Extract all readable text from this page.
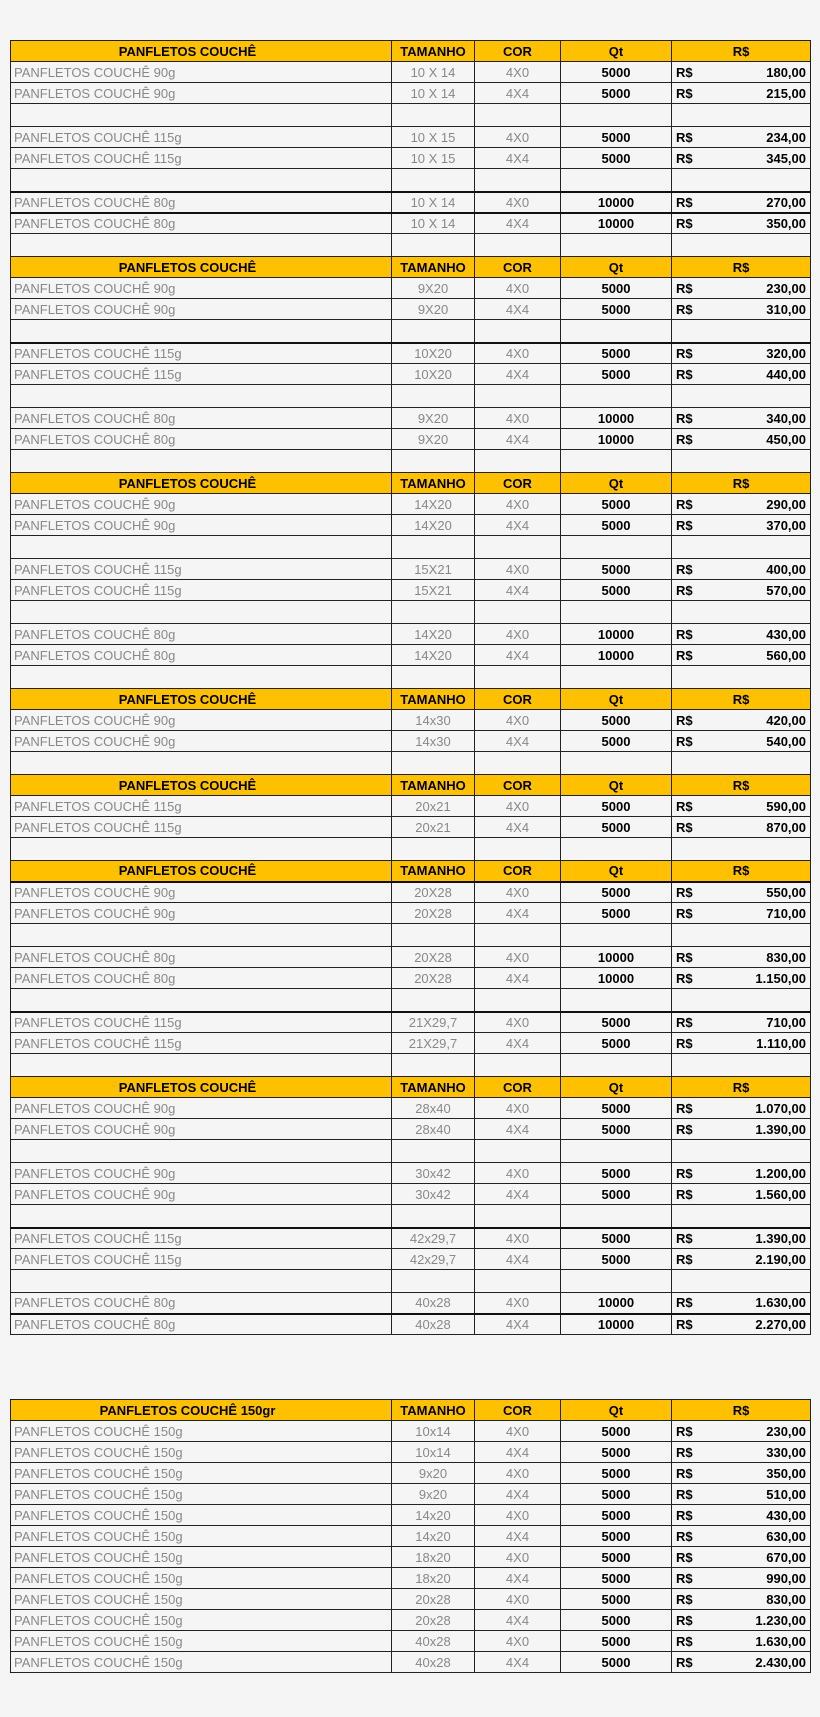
PANFLETOS COUCHÊ	TAMANHO	COR	Qt	R$
PANFLETOS COUCHÊ 90g	10 X 14	4X0	5000	R$ 180,00

PANFLETOS COUCHÊ 90g	10 X 14	4X4	5000	R$ 215,00

PANFLETOS COUCHÊ 115g	10 X 15	4X0	5000	R$ 234,00

PANFLETOS COUCHÊ 115g	10 X 15	4X4	5000	R$ 345,00

PANFLETOS COUCHÊ 80g	10 X 14	4X0	10000	R$ 270,00

PANFLETOS COUCHÊ 80g	10 X 14	4X4	10000	R$ 350,00

PANFLETOS COUCHÊ	TAMANHO	COR	Qt	R$
PANFLETOS COUCHÊ 90g	9X20	4X0	5000	R$ 230,00

PANFLETOS COUCHÊ 90g	9X20	4X4	5000	R$ 310,00

PANFLETOS COUCHÊ 115g	10X20	4X0	5000	R$ 320,00

PANFLETOS COUCHÊ 115g	10X20	4X4	5000	R$ 440,00

PANFLETOS COUCHÊ 80g	9X20	4X0	10000	R$ 340,00

PANFLETOS COUCHÊ 80g	9X20	4X4	10000	R$ 450,00

PANFLETOS COUCHÊ	TAMANHO	COR	Qt	R$
PANFLETOS COUCHÊ 90g	14X20	4X0	5000	R$ 290,00

PANFLETOS COUCHÊ 90g	14X20	4X4	5000	R$ 370,00

PANFLETOS COUCHÊ 115g	15X21	4X0	5000	R$ 400,00

PANFLETOS COUCHÊ 115g	15X21	4X4	5000	R$ 570,00

PANFLETOS COUCHÊ 80g	14X20	4X0	10000	R$ 430,00

PANFLETOS COUCHÊ 80g	14X20	4X4	10000	R$ 560,00

PANFLETOS COUCHÊ	TAMANHO	COR	Qt	R$
PANFLETOS COUCHÊ 90g	14x30	4X0	5000	R$ 420,00

PANFLETOS COUCHÊ 90g	14x30	4X4	5000	R$ 540,00

PANFLETOS COUCHÊ	TAMANHO	COR	Qt	R$
PANFLETOS COUCHÊ 115g	20x21	4X0	5000	R$ 590,00

PANFLETOS COUCHÊ 115g	20x21	4X4	5000	R$ 870,00

PANFLETOS COUCHÊ	TAMANHO	COR	Qt	R$
PANFLETOS COUCHÊ 90g	20X28	4X0	5000	R$ 550,00

PANFLETOS COUCHÊ 90g	20X28	4X4	5000	R$ 710,00

PANFLETOS COUCHÊ 80g	20X28	4X0	10000	R$ 830,00

PANFLETOS COUCHÊ 80g	20X28	4X4	10000	R$ 1.150,00

PANFLETOS COUCHÊ 115g	21X29,7	4X0	5000	R$ 710,00

PANFLETOS COUCHÊ 115g	21X29,7	4X4	5000	R$ 1.110,00

PANFLETOS COUCHÊ	TAMANHO	COR	Qt	R$
PANFLETOS COUCHÊ 90g	28x40	4X0	5000	R$ 1.070,00

PANFLETOS COUCHÊ 90g	28x40	4X4	5000	R$ 1.390,00

PANFLETOS COUCHÊ 90g	30x42	4X0	5000	R$ 1.200,00

PANFLETOS COUCHÊ 90g	30x42	4X4	5000	R$ 1.560,00

PANFLETOS COUCHÊ 115g	42x29,7	4X0	5000	R$ 1.390,00

PANFLETOS COUCHÊ 115g	42x29,7	4X4	5000	R$ 2.190,00

PANFLETOS COUCHÊ 80g	40x28	4X0	10000	R$ 1.630,00

PANFLETOS COUCHÊ 80g	40x28	4X4	10000	R$ 2.270,00
PANFLETOS COUCHÊ 150gr	TAMANHO	COR	Qt	R$
PANFLETOS COUCHÊ 150g	10x14	4X0	5000	R$ 230,00

PANFLETOS COUCHÊ 150g	10x14	4X4	5000	R$ 330,00

PANFLETOS COUCHÊ 150g	9x20	4X0	5000	R$ 350,00

PANFLETOS COUCHÊ 150g	9x20	4X4	5000	R$ 510,00

PANFLETOS COUCHÊ 150g	14x20	4X0	5000	R$ 430,00

PANFLETOS COUCHÊ 150g	14x20	4X4	5000	R$ 630,00

PANFLETOS COUCHÊ 150g	18x20	4X0	5000	R$ 670,00

PANFLETOS COUCHÊ 150g	18x20	4X4	5000	R$ 990,00

PANFLETOS COUCHÊ 150g	20x28	4X0	5000	R$ 830,00

PANFLETOS COUCHÊ 150g	20x28	4X4	5000	R$ 1.230,00

PANFLETOS COUCHÊ 150g	40x28	4X0	5000	R$ 1.630,00

PANFLETOS COUCHÊ 150g	40x28	4X4	5000	R$ 2.430,00
